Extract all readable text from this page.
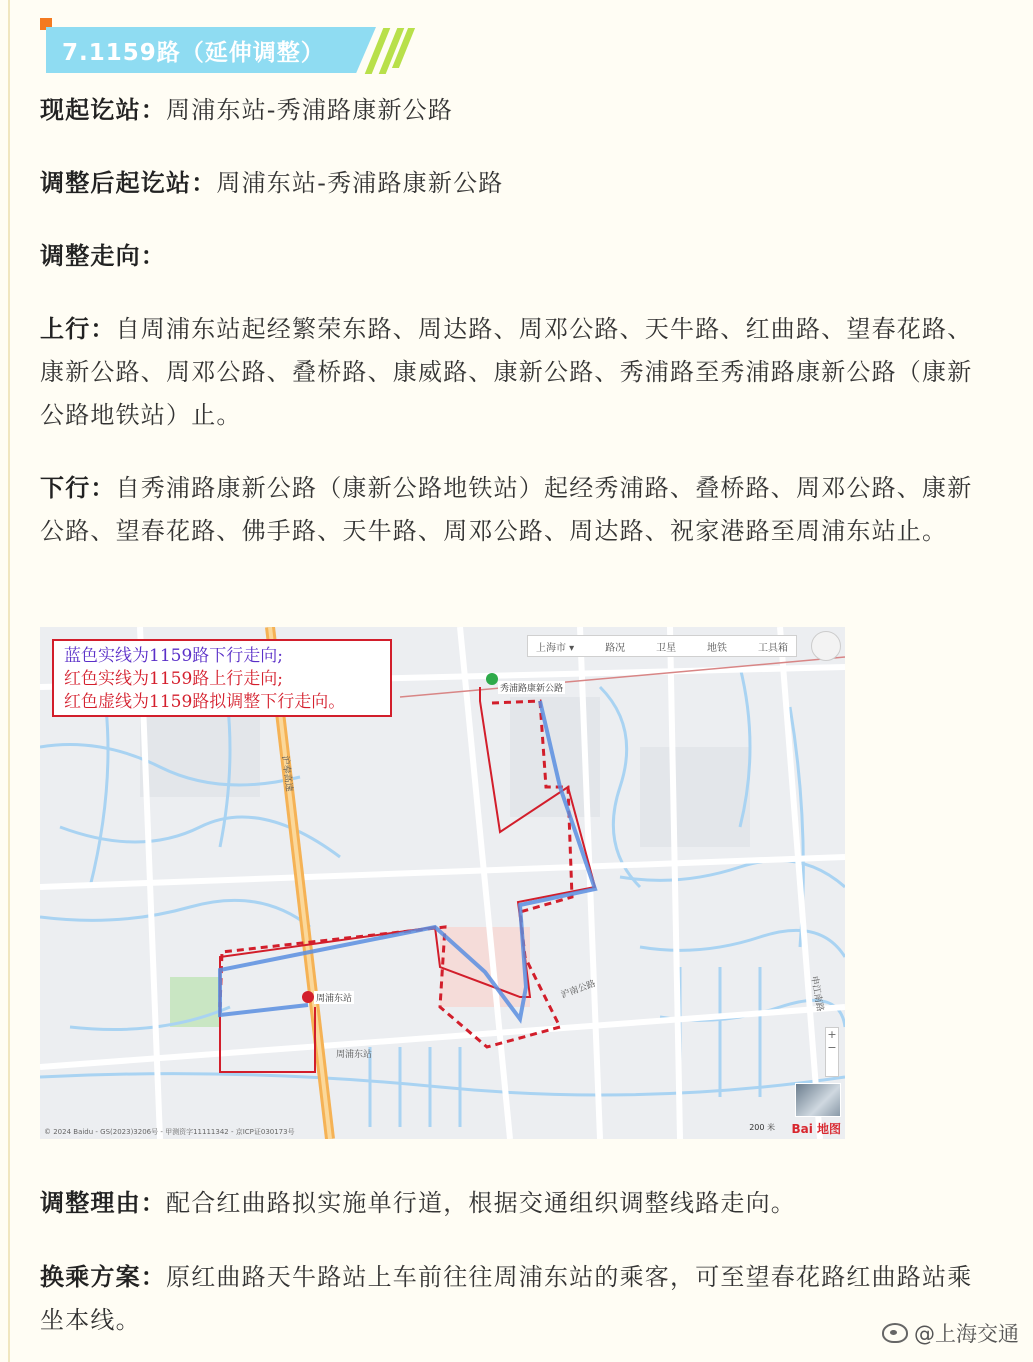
7.1159路（延伸调整）
现起讫站：周浦东站-秀浦路康新公路
调整后起讫站：周浦东站-秀浦路康新公路
调整走向：
上行：自周浦东站起经繁荣东路、周达路、周邓公路、天牛路、红曲路、望春花路、康新公路、周邓公路、叠桥路、康威路、康新公路、秀浦路至秀浦路康新公路（康新公路地铁站）止。
下行：自秀浦路康新公路（康新公路地铁站）起经秀浦路、叠桥路、周邓公路、康新公路、望春花路、佛手路、天牛路、周邓公路、周达路、祝家港路至周浦东站止。
蓝色实线为1159路下行走向;
红色实线为1159路上行走向;
红色虚线为1159路拟调整下行走向。
上海市 ▾	路况	卫星	地铁	工具箱
秀浦路康新公路
周浦东站
沪奉高速
申江南路
沪南公路
周浦东站
+ −
200 米
© 2024 Baidu - GS(2023)3206号 - 甲测资字11111342 - 京ICP证030173号	Bai 地图
调整理由：配合红曲路拟实施单行道，根据交通组织调整线路走向。
换乘方案：原红曲路天牛路站上车前往往周浦东站的乘客，可至望春花路红曲路站乘坐本线。	@上海交通
